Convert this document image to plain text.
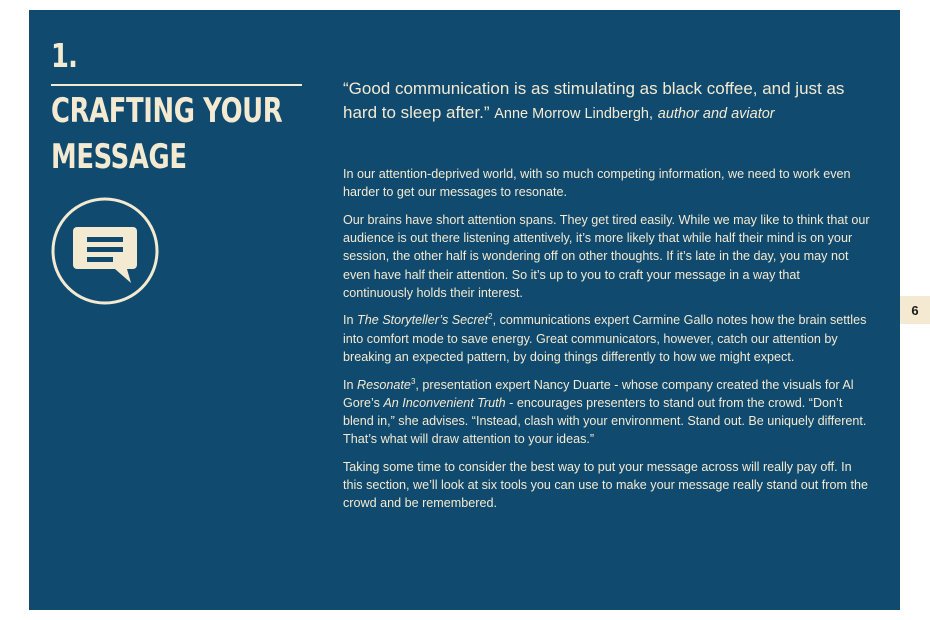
1.
CRAFTING YOUR
MESSAGE
“Good communication is as stimulating as black coffee, and just as hard to sleep after.” Anne Morrow Lindbergh, author and aviator

In our attention-deprived world, with so much competing information, we need to work even harder to get our messages to resonate.

Our brains have short attention spans. They get tired easily. While we may like to think that our audience is out there listening attentively, it’s more likely that while half their mind is on your session, the other half is wondering off on other thoughts. If it’s late in the day, you may not even have half their attention. So it’s up to you to craft your message in a way that continuously holds their interest.

In The Storyteller’s Secret$^2$, communications expert Carmine Gallo notes how the brain settles into comfort mode to save energy. Great communicators, however, catch our attention by breaking an expected pattern, by doing things differently to how we might expect.

In Resonate$^3$, presentation expert Nancy Duarte - whose company created the visuals for Al Gore’s An Inconvenient Truth - encourages presenters to stand out from the crowd. “Don’t blend in,” she advises. “Instead, clash with your environment. Stand out. Be uniquely different. That’s what will draw attention to your ideas.”

Taking some time to consider the best way to put your message across will really pay off. In this section, we’ll look at six tools you can use to make your message really stand out from the crowd and be remembered.

6
